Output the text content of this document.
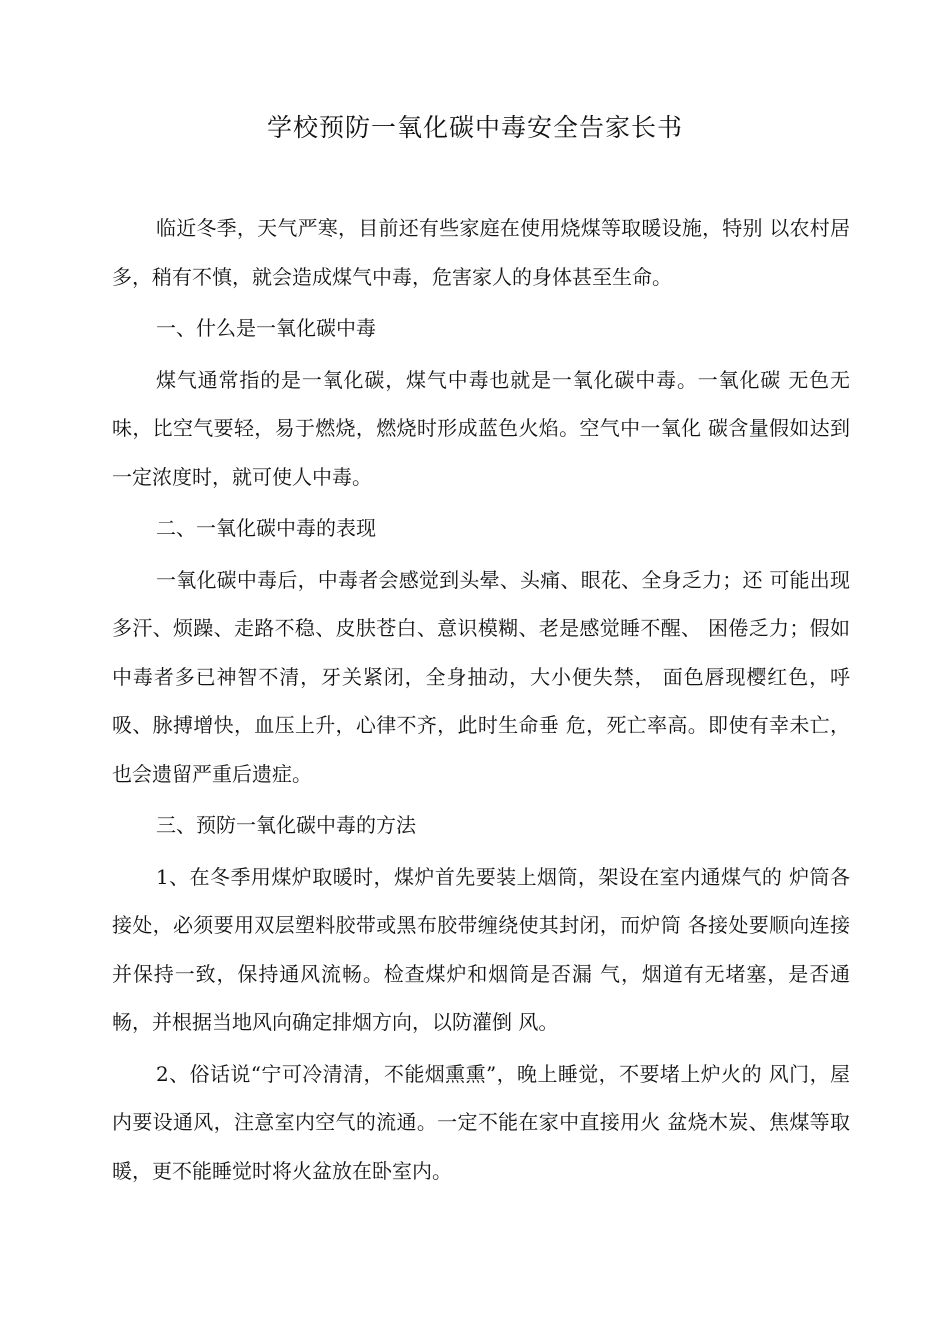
学校预防一氧化碳中毒安全告家长书

临近冬季，天气严寒，目前还有些家庭在使用烧煤等取暖设施，特别 以农村居多，稍有不慎，就会造成煤气中毒，危害家人的身体甚至生命。

一、什么是一氧化碳中毒

煤气通常指的是一氧化碳，煤气中毒也就是一氧化碳中毒。一氧化碳 无色无味，比空气要轻，易于燃烧，燃烧时形成蓝色火焰。空气中一氧化 碳含量假如达到一定浓度时，就可使人中毒。

二、一氧化碳中毒的表现

一氧化碳中毒后，中毒者会感觉到头晕、头痛、眼花、全身乏力；还 可能出现多汗、烦躁、走路不稳、皮肤苍白、意识模糊、老是感觉睡不醒、 困倦乏力；假如中毒者多已神智不清，牙关紧闭，全身抽动，大小便失禁， 面色唇现樱红色，呼吸、脉搏增快，血压上升，心律不齐，此时生命垂 危，死亡率高。即使有幸未亡，也会遗留严重后遗症。

三、预防一氧化碳中毒的方法

1、在冬季用煤炉取暖时，煤炉首先要装上烟筒，架设在室内通煤气的 炉筒各接处，必须要用双层塑料胶带或黑布胶带缠绕使其封闭，而炉筒 各接处要顺向连接并保持一致，保持通风流畅。检查煤炉和烟筒是否漏 气，烟道有无堵塞，是否通畅，并根据当地风向确定排烟方向，以防灌倒 风。

2、俗话说“宁可冷清清，不能烟熏熏”，晚上睡觉，不要堵上炉火的 风门，屋内要设通风，注意室内空气的流通。一定不能在家中直接用火 盆烧木炭、焦煤等取暖，更不能睡觉时将火盆放在卧室内。
